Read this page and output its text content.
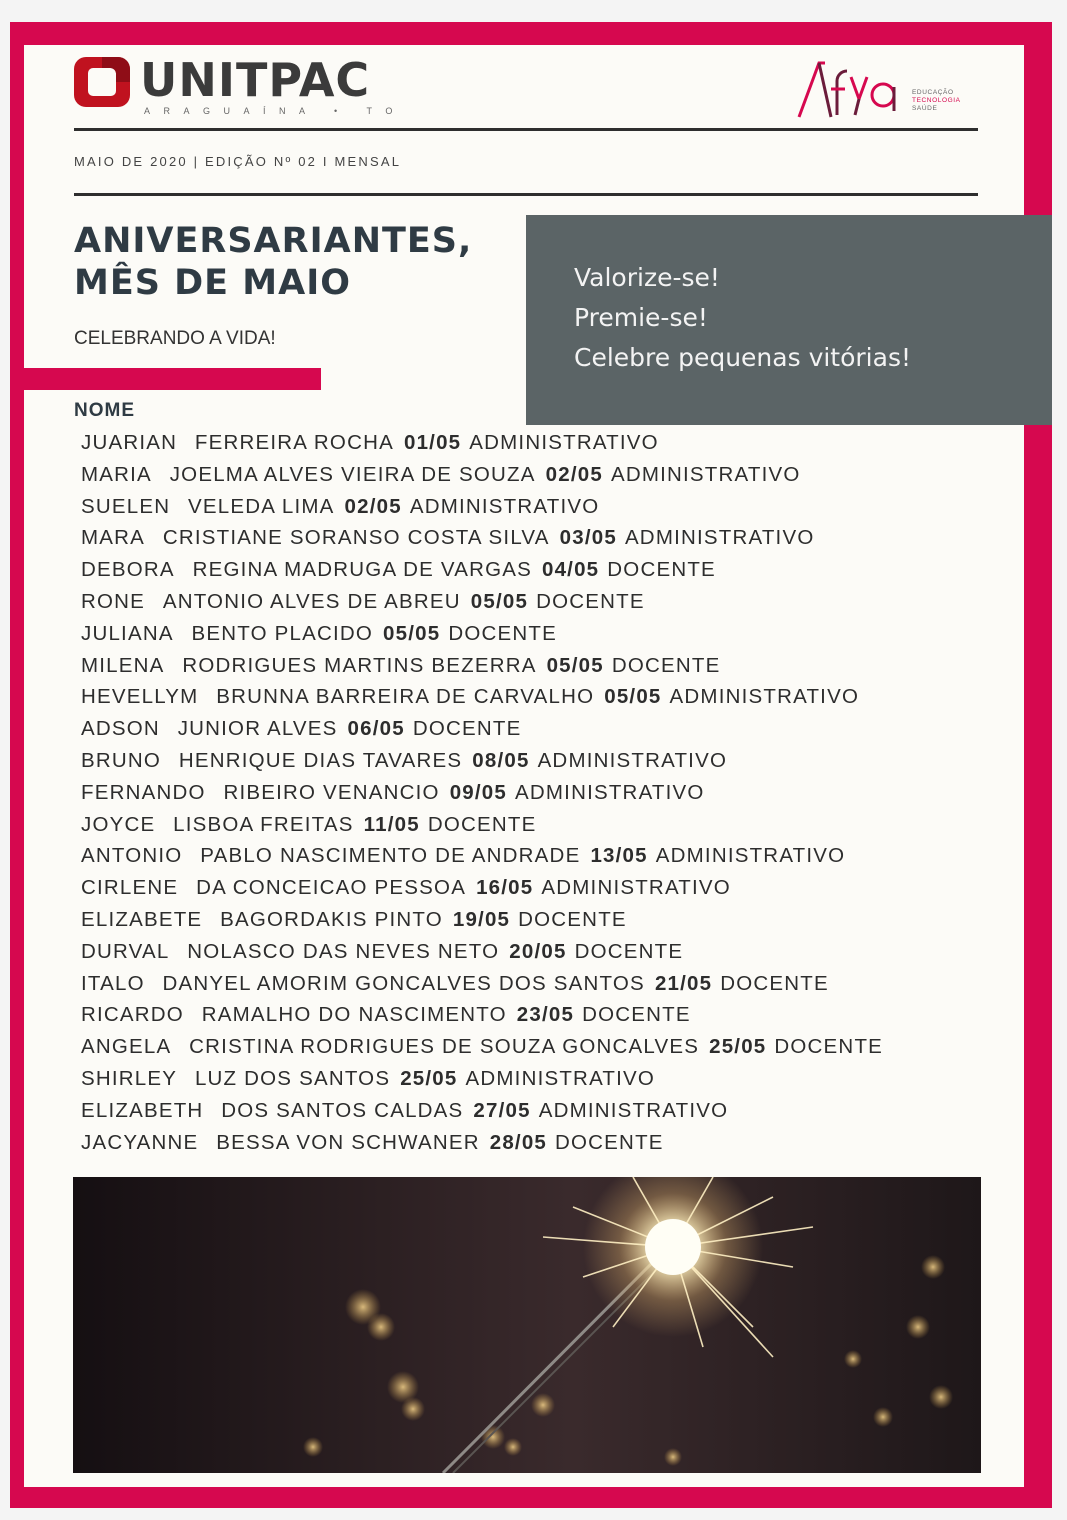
UNITPAC
ARAGUAÍNA • TO
EDUCAÇÃO
TECNOLOGIA
SAÚDE
MAIO DE 2020 | EDIÇÃO Nº 02 I MENSAL
ANIVERSARIANTES,
MÊS DE MAIO
CELEBRANDO A VIDA!
Valorize-se!
Premie-se!
Celebre pequenas vitórias!
NOME
JUARIAN FERREIRA ROCHA 01/05 ADMINISTRATIVO
MARIA JOELMA ALVES VIEIRA DE SOUZA 02/05 ADMINISTRATIVO
SUELEN VELEDA LIMA 02/05 ADMINISTRATIVO
MARA CRISTIANE SORANSO COSTA SILVA 03/05 ADMINISTRATIVO
DEBORA REGINA MADRUGA DE VARGAS 04/05 DOCENTE
RONE ANTONIO ALVES DE ABREU 05/05 DOCENTE
JULIANA BENTO PLACIDO 05/05 DOCENTE
MILENA RODRIGUES MARTINS BEZERRA 05/05 DOCENTE
HEVELLYM BRUNNA BARREIRA DE CARVALHO 05/05 ADMINISTRATIVO
ADSON JUNIOR ALVES 06/05 DOCENTE
BRUNO HENRIQUE DIAS TAVARES 08/05 ADMINISTRATIVO
FERNANDO RIBEIRO VENANCIO 09/05 ADMINISTRATIVO
JOYCE LISBOA FREITAS 11/05 DOCENTE
ANTONIO PABLO NASCIMENTO DE ANDRADE 13/05 ADMINISTRATIVO
CIRLENE DA CONCEICAO PESSOA 16/05 ADMINISTRATIVO
ELIZABETE BAGORDAKIS PINTO 19/05 DOCENTE
DURVAL NOLASCO DAS NEVES NETO 20/05 DOCENTE
ITALO DANYEL AMORIM GONCALVES DOS SANTOS 21/05 DOCENTE
RICARDO RAMALHO DO NASCIMENTO 23/05 DOCENTE
ANGELA CRISTINA RODRIGUES DE SOUZA GONCALVES 25/05 DOCENTE
SHIRLEY LUZ DOS SANTOS 25/05 ADMINISTRATIVO
ELIZABETH DOS SANTOS CALDAS 27/05 ADMINISTRATIVO
JACYANNE BESSA VON SCHWANER 28/05 DOCENTE
